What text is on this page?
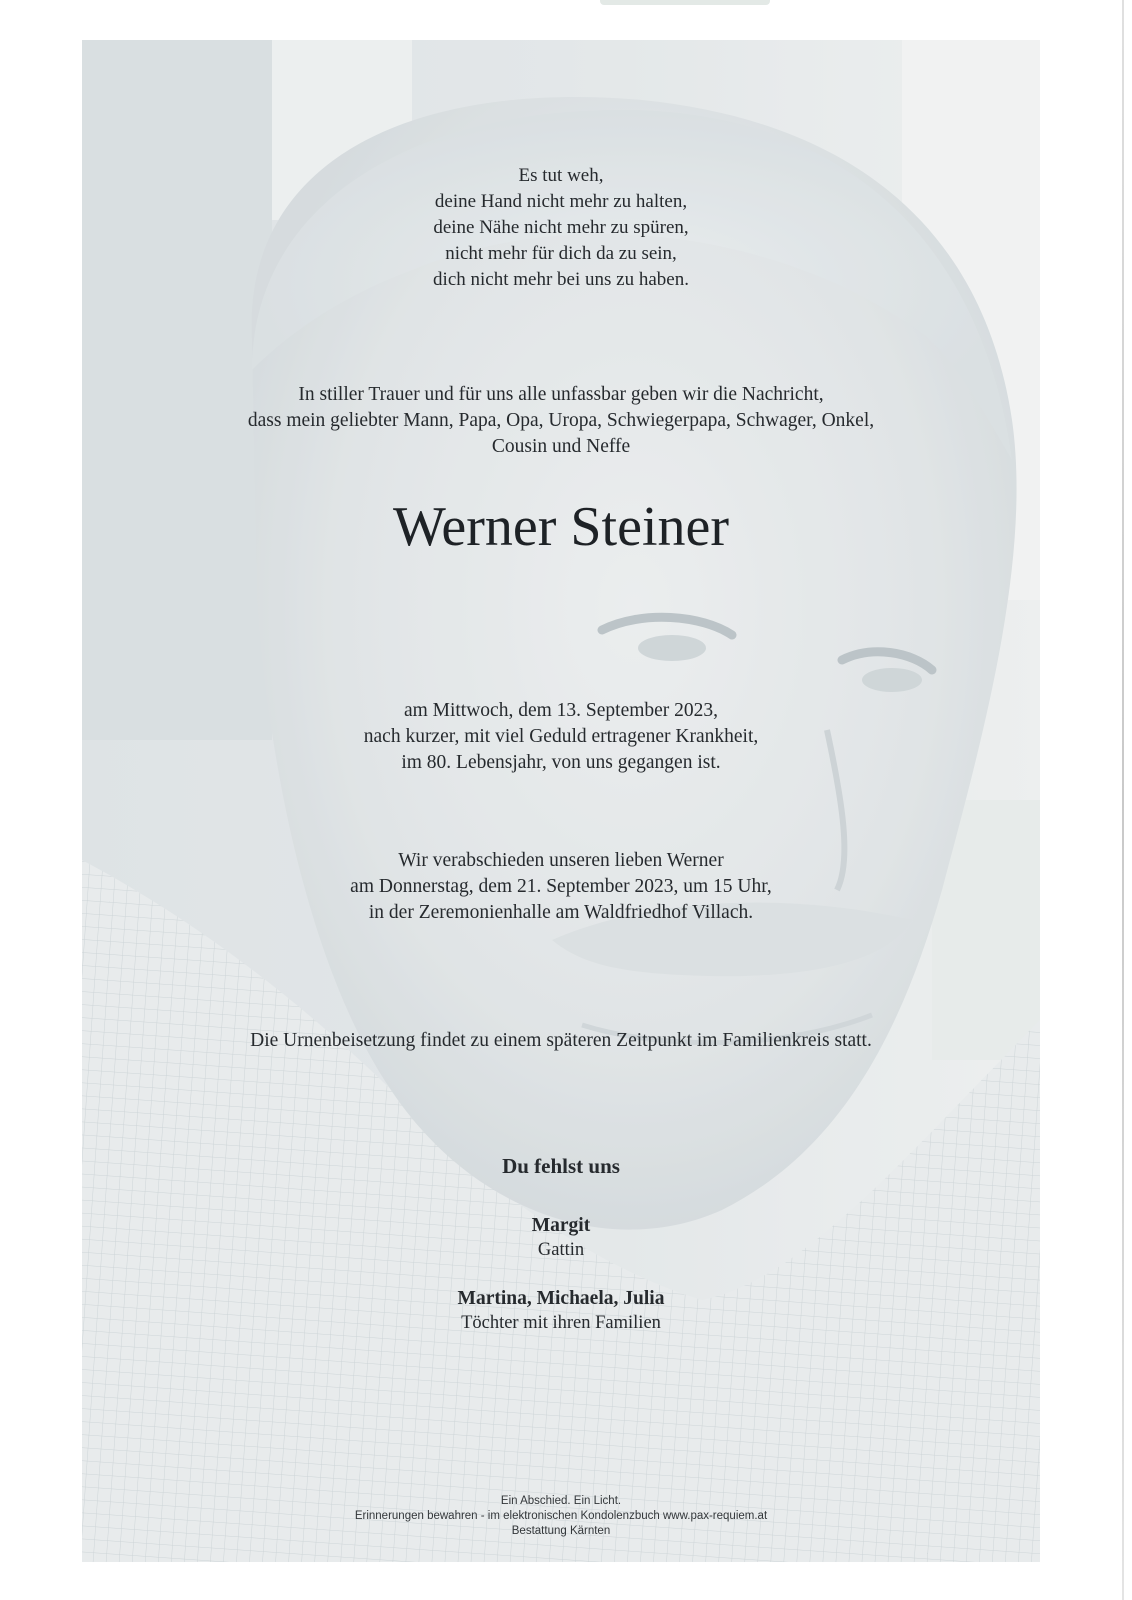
Es tut weh,
deine Hand nicht mehr zu halten,
deine Nähe nicht mehr zu spüren,
nicht mehr für dich da zu sein,
dich nicht mehr bei uns zu haben.
In stiller Trauer und für uns alle unfassbar geben wir die Nachricht,
dass mein geliebter Mann, Papa, Opa, Uropa, Schwiegerpapa, Schwager, Onkel,
Cousin und Neffe
Werner Steiner
am Mittwoch, dem 13. September 2023,
nach kurzer, mit viel Geduld ertragener Krankheit,
im 80. Lebensjahr, von uns gegangen ist.
Wir verabschieden unseren lieben Werner
am Donnerstag, dem 21. September 2023, um 15 Uhr,
in der Zeremonienhalle am Waldfriedhof Villach.
Die Urnenbeisetzung findet zu einem späteren Zeitpunkt im Familienkreis statt.
Du fehlst uns
Margit
Gattin
Martina, Michaela, Julia
Töchter mit ihren Familien
Ein Abschied. Ein Licht.
Erinnerungen bewahren - im elektronischen Kondolenzbuch www.pax-requiem.at
Bestattung Kärnten
